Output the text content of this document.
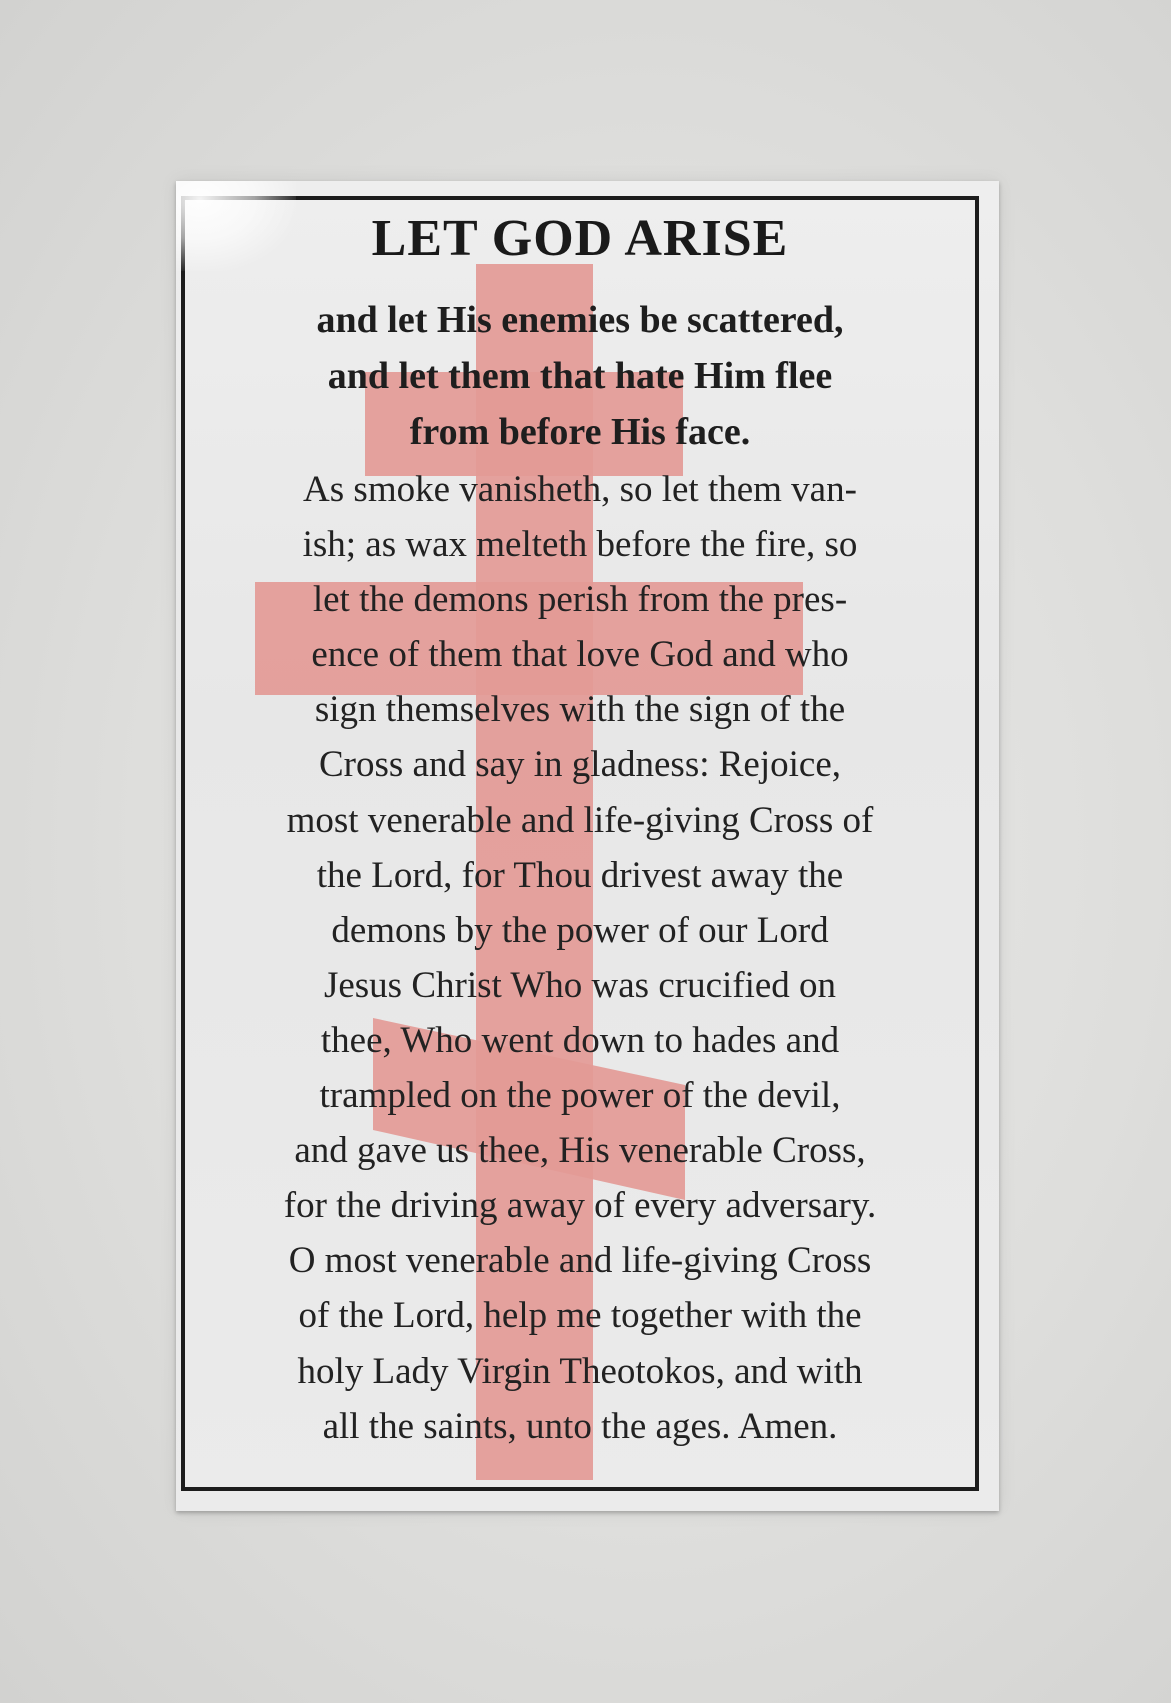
LET GOD ARISE
and let His enemies be scattered,
and let them that hate Him flee
from before His face.
As smoke vanisheth, so let them van-
ish; as wax melteth before the fire, so
let the demons perish from the pres-
ence of them that love God and who
sign themselves with the sign of the
Cross and say in gladness: Rejoice,
most venerable and life-giving Cross of
the Lord, for Thou drivest away the
demons by the power of our Lord
Jesus Christ Who was crucified on
thee, Who went down to hades and
trampled on the power of the devil,
and gave us thee, His venerable Cross,
for the driving away of every adversary.
O most venerable and life-giving Cross
of the Lord, help me together with the
holy Lady Virgin Theotokos, and with
all the saints, unto the ages. Amen.
